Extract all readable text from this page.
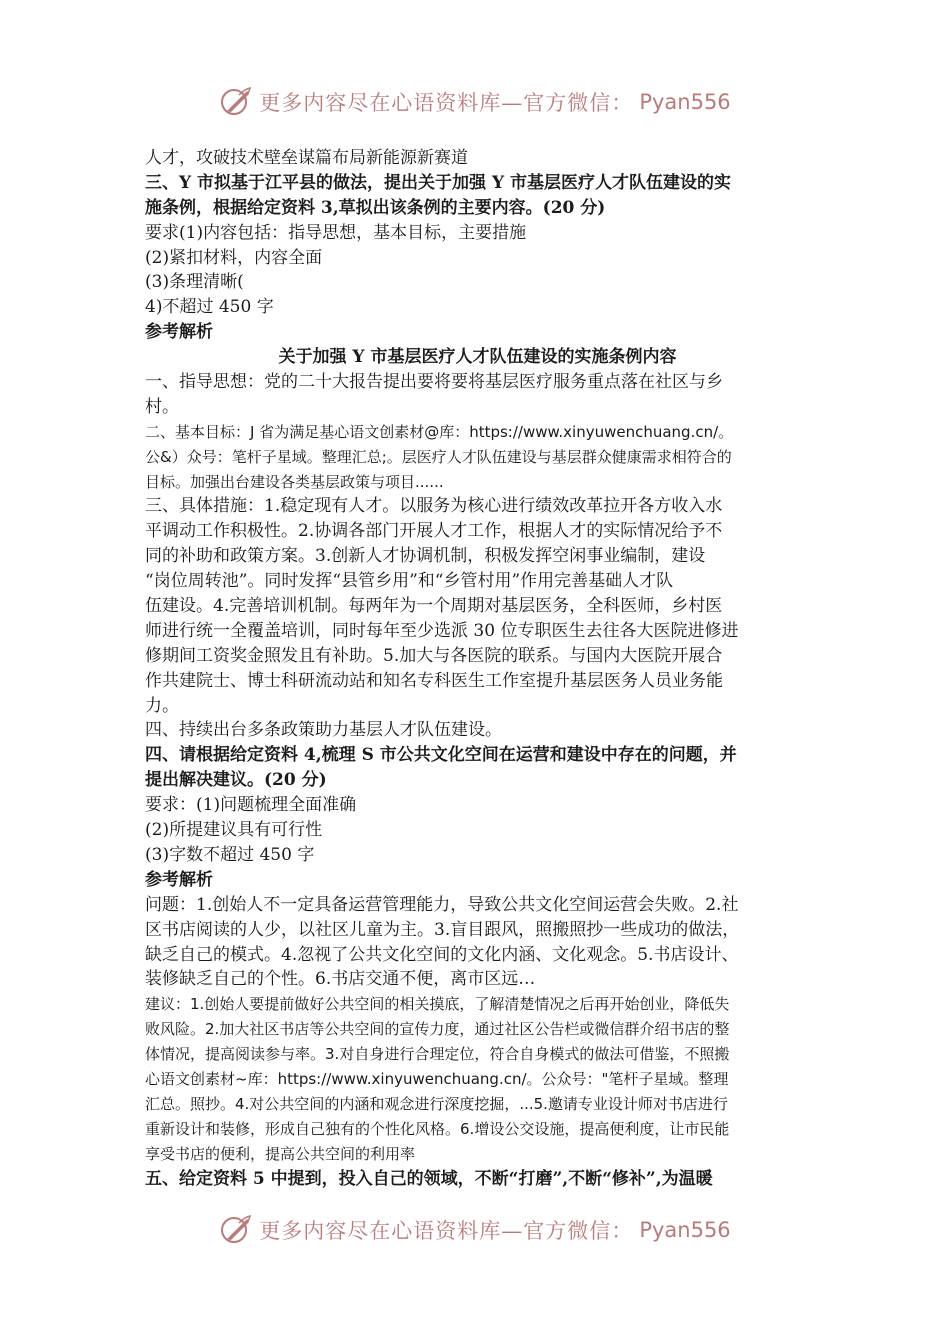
更多内容尽在心语资料库—官方微信： Pyan556
人才，攻破技术壁垒谋篇布局新能源新赛道
三、Y 市拟基于江平县的做法，提出关于加强 Y 市基层医疗人才队伍建设的实
施条例，根据给定资料 3,草拟出该条例的主要内容。(20 分)
要求(1)内容包括：指导思想，基本目标，主要措施
(2)紧扣材料，内容全面
(3)条理清晰(
4)不超过 450 字
参考解析
关于加强 Y 市基层医疗人才队伍建设的实施条例内容
一、指导思想：党的二十大报告提出要将要将基层医疗服务重点落在社区与乡
村。
二、基本目标：J 省为满足基心语文创素材@库：https://www.xinyuwenchuang.cn/。
公&）众号：笔杆子星域。整理汇总;。层医疗人才队伍建设与基层群众健康需求相符合的
目标。加强出台建设各类基层政策与项目......
三、具体措施：1.稳定现有人才。以服务为核心进行绩效改革拉开各方收入水
平调动工作积极性。2.协调各部门开展人才工作，根据人才的实际情况给予不
同的补助和政策方案。3.创新人才协调机制，积极发挥空闲事业编制，建设
“岗位周转池”。同时发挥“县管乡用”和“乡管村用”作用完善基础人才队
伍建设。4.完善培训机制。每两年为一个周期对基层医务，全科医师，乡村医
师进行统一全覆盖培训，同时每年至少选派 30 位专职医生去往各大医院进修进
修期间工资奖金照发且有补助。5.加大与各医院的联系。与国内大医院开展合
作共建院士、博士科研流动站和知名专科医生工作室提升基层医务人员业务能
力。
四、持续出台多条政策助力基层人才队伍建设。
四、请根据给定资料 4,梳理 S 市公共文化空间在运营和建设中存在的问题，并
提出解决建议。(20 分)
要求：(1)问题梳理全面准确
(2)所提建议具有可行性
(3)字数不超过 450 字
参考解析
问题：1.创始人不一定具备运营管理能力，导致公共文化空间运营会失败。2.社
区书店阅读的人少，以社区儿童为主。3.盲目跟风，照搬照抄一些成功的做法，
缺乏自己的模式。4.忽视了公共文化空间的文化内涵、文化观念。5.书店设计、
装修缺乏自己的个性。6.书店交通不便，离市区远…
建议：1.创始人要提前做好公共空间的相关摸底，了解清楚情况之后再开始创业，降低失
败风险。2.加大社区书店等公共空间的宣传力度，通过社区公告栏或微信群介绍书店的整
体情况，提高阅读参与率。3.对自身进行合理定位，符合自身模式的做法可借鉴，不照搬
心语文创素材~库：https://www.xinyuwenchuang.cn/。公众号："笔杆子星域。整理
汇总。照抄。4.对公共空间的内涵和观念进行深度挖掘，...5.邀请专业设计师对书店进行
重新设计和装修，形成自己独有的个性化风格。6.增设公交设施，提高便利度，让市民能
享受书店的便利，提高公共空间的利用率
五、给定资料 5 中提到，投入自己的领域，不断“打磨”,不断“修补”,为温暖
更多内容尽在心语资料库—官方微信： Pyan556
